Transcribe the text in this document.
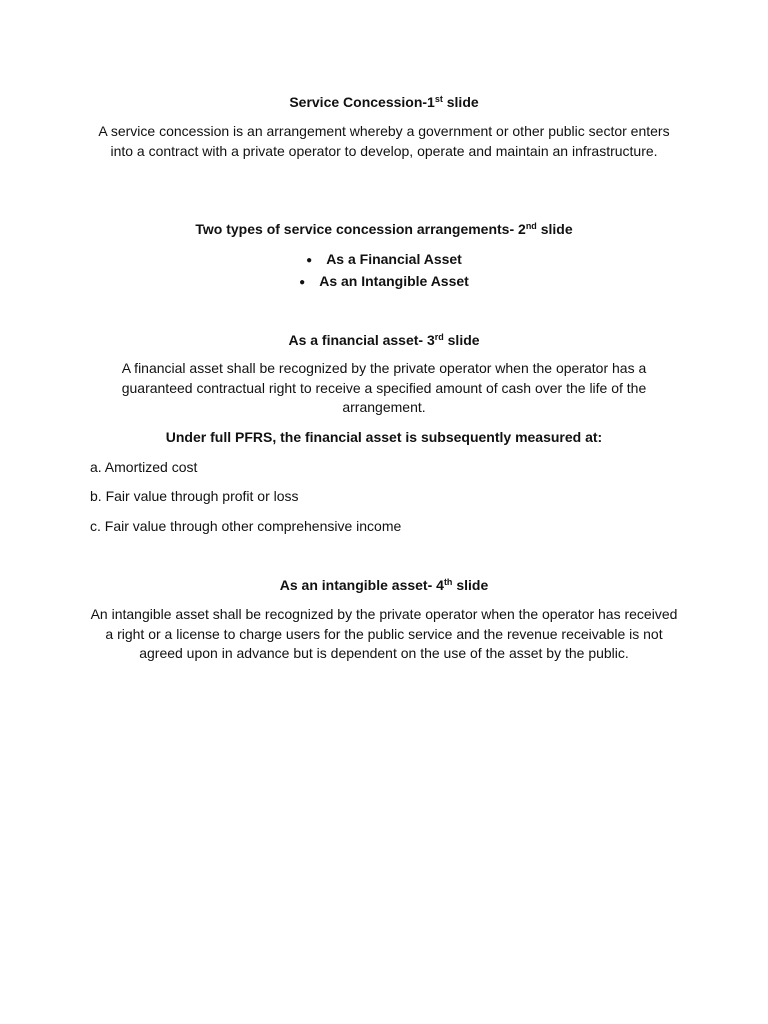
Service Concession-1st slide
A service concession is an arrangement whereby a government or other public sector enters into a contract with a private operator to develop, operate and maintain an infrastructure.
Two types of service concession arrangements- 2nd slide
● As a Financial Asset
● As an Intangible Asset
As a financial asset- 3rd slide
A financial asset shall be recognized by the private operator when the operator has a guaranteed contractual right to receive a specified amount of cash over the life of the arrangement.
Under full PFRS, the financial asset is subsequently measured at:
a. Amortized cost
b. Fair value through profit or loss
c. Fair value through other comprehensive income
As an intangible asset- 4th slide
An intangible asset shall be recognized by the private operator when the operator has received a right or a license to charge users for the public service and the revenue receivable is not agreed upon in advance but is dependent on the use of the asset by the public.
